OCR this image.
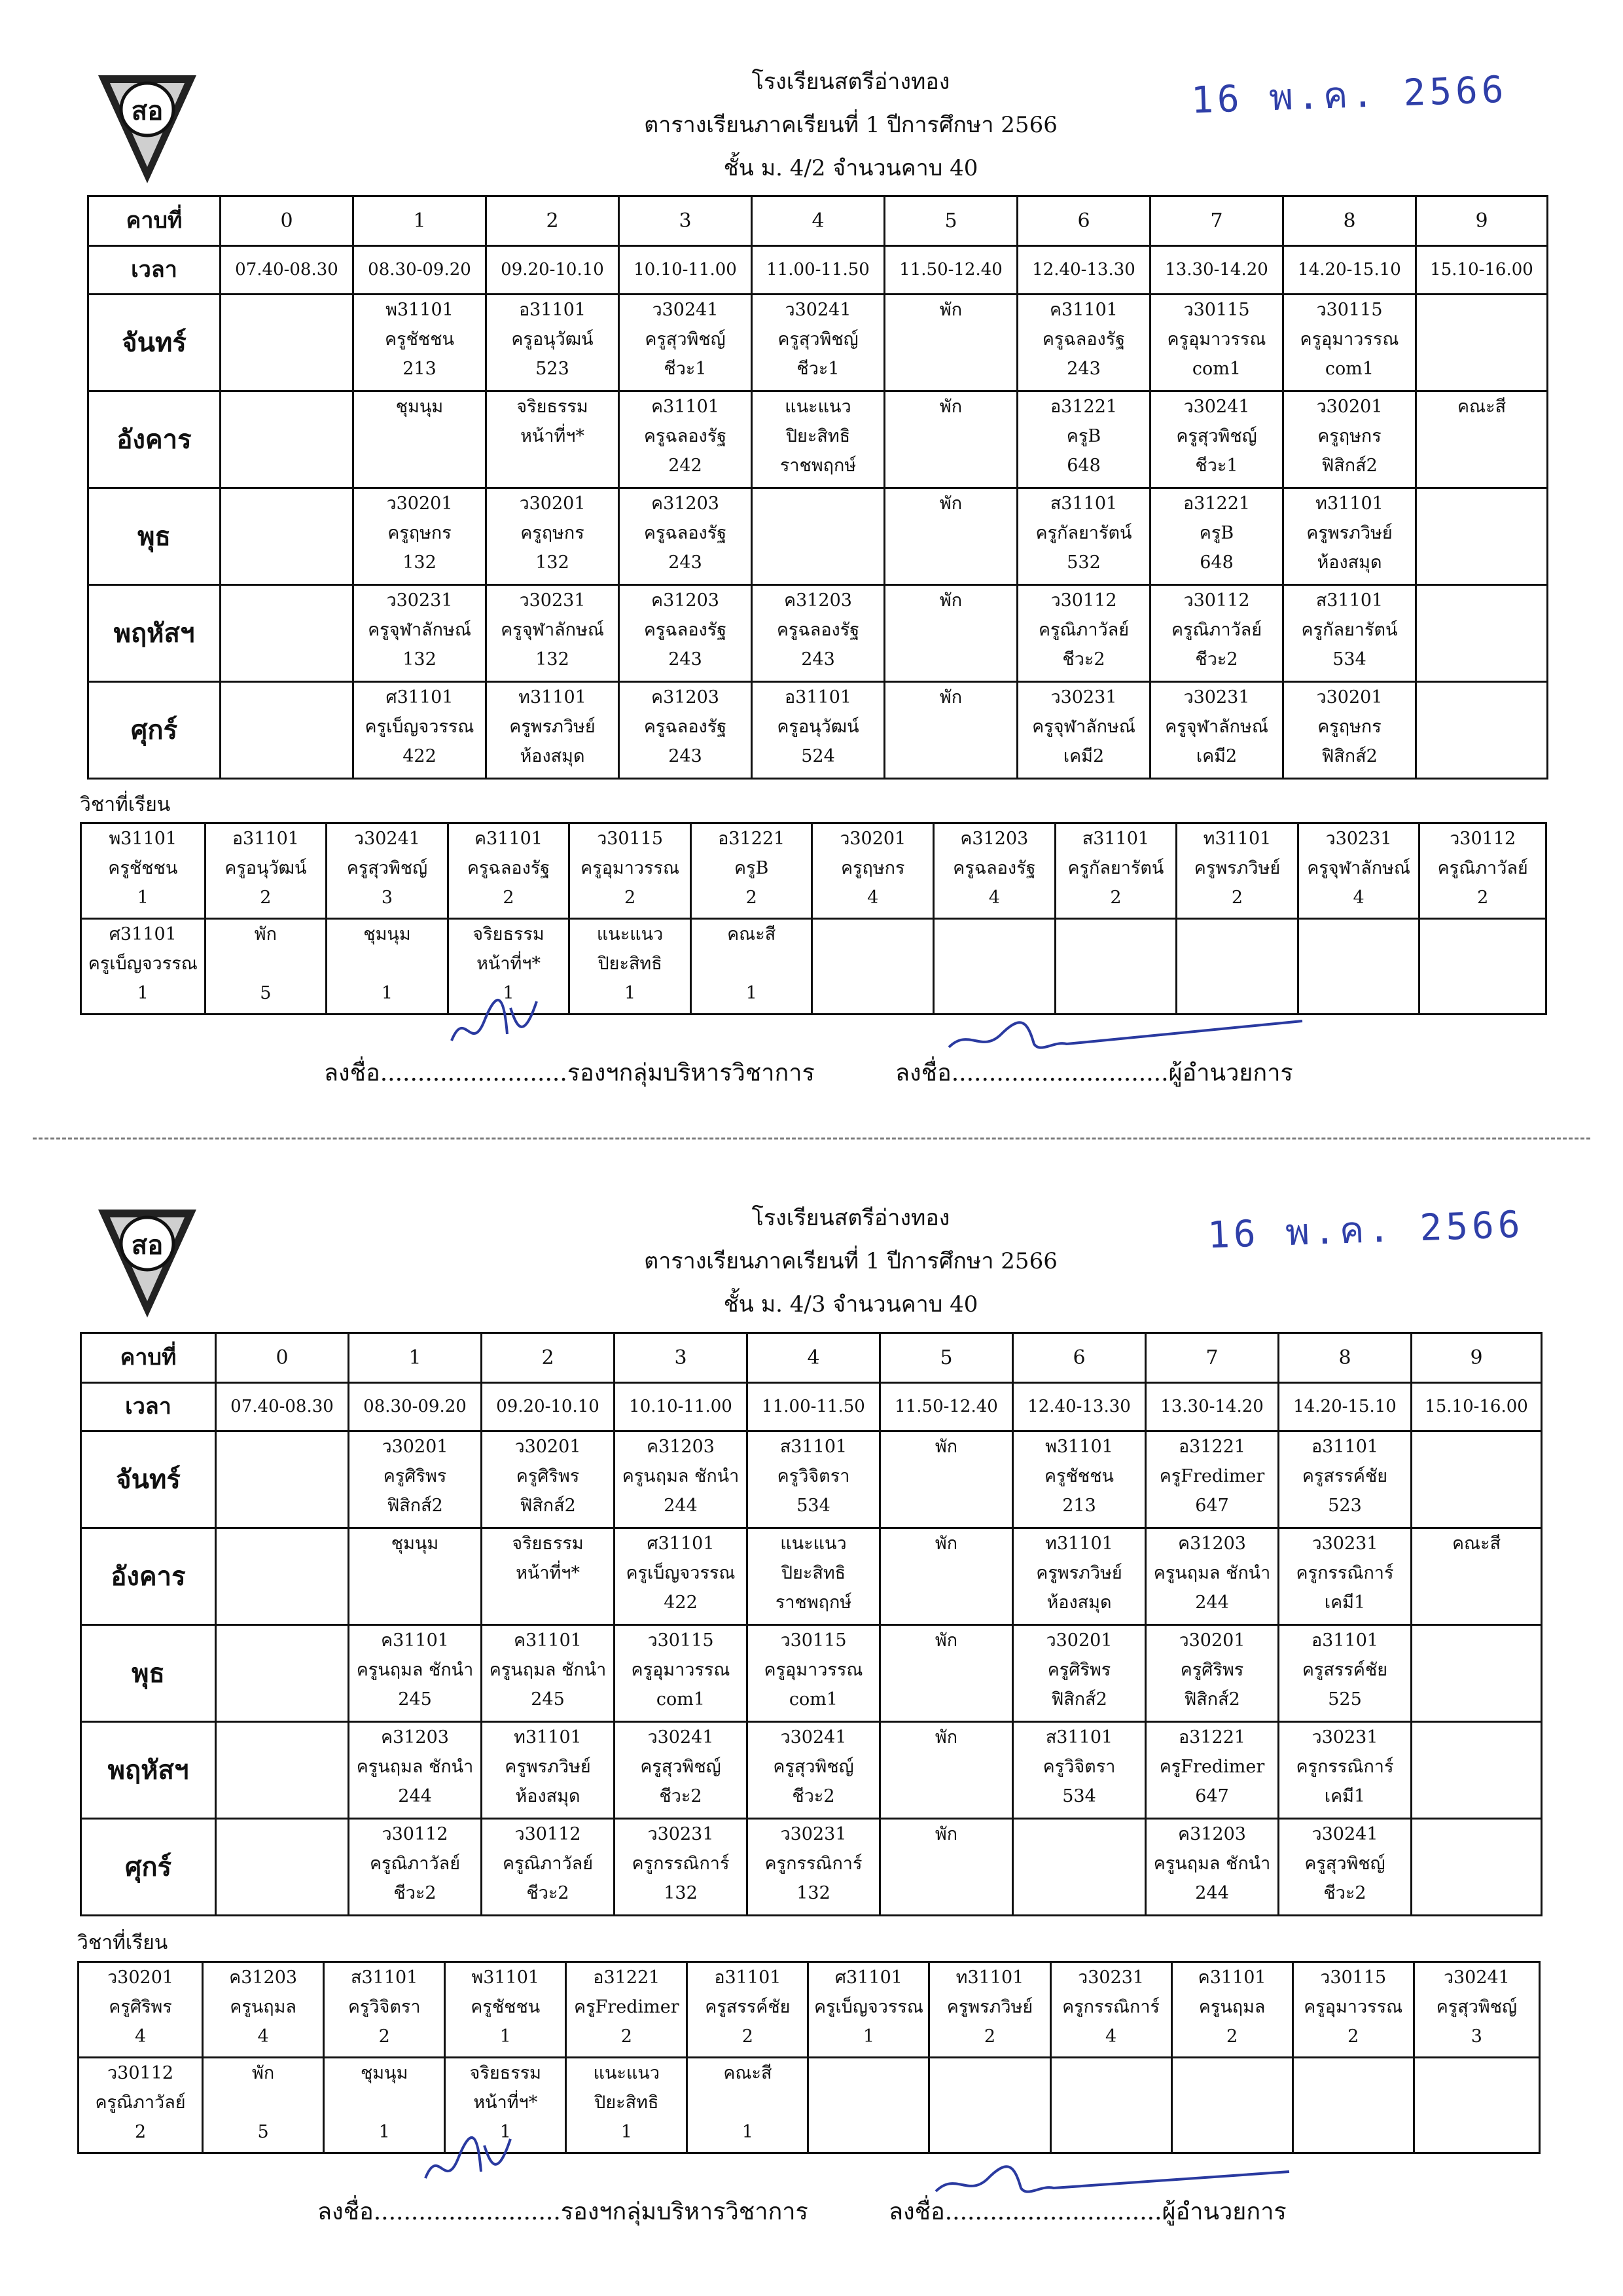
สอ
โรงเรียนสตรีอ่างทอง
ตารางเรียนภาคเรียนที่ 1 ปีการศึกษา 2566
ชั้น ม. 4/2 จำนวนคาบ 40
16 พ.ค. 2566
คาบที่	0	1	2	3	4	5	6	7	8	9
เวลา	07.40-08.30	08.30-09.20	09.20-10.10	10.10-11.00	11.00-11.50	11.50-12.40	12.40-13.30	13.30-14.20	14.20-15.10	15.10-16.00
จันทร์		พ31101
ครูชัชชน
213	อ31101
ครูอนุวัฒน์
523	ว30241
ครูสุวพิชญ์
ชีวะ1	ว30241
ครูสุวพิชญ์
ชีวะ1	พัก	ค31101
ครูฉลองรัฐ
243	ว30115
ครูอุมาวรรณ
com1	ว30115
ครูอุมาวรรณ
com1	

อังคาร		ชุมนุม	จริยธรรม
หน้าที่ฯ*	ค31101
ครูฉลองรัฐ
242	แนะแนว
ปิยะสิทธิ
ราชพฤกษ์	พัก	อ31221
ครูB
648	ว30241
ครูสุวพิชญ์
ชีวะ1	ว30201
ครูฤษกร
ฟิสิกส์2	คณะสี

พุธ		ว30201
ครูฤษกร
132	ว30201
ครูฤษกร
132	ค31203
ครูฉลองรัฐ
243		พัก	ส31101
ครูกัลยารัตน์
532	อ31221
ครูB
648	ท31101
ครูพรภวิษย์
ห้องสมุด	

พฤหัสฯ		ว30231
ครูจุฬาลักษณ์
132	ว30231
ครูจุฬาลักษณ์
132	ค31203
ครูฉลองรัฐ
243	ค31203
ครูฉลองรัฐ
243	พัก	ว30112
ครูณิภาวัลย์
ชีวะ2	ว30112
ครูณิภาวัลย์
ชีวะ2	ส31101
ครูกัลยารัตน์
534	

ศุกร์		ศ31101
ครูเบ็ญจวรรณ
422	ท31101
ครูพรภวิษย์
ห้องสมุด	ค31203
ครูฉลองรัฐ
243	อ31101
ครูอนุวัฒน์
524	พัก	ว30231
ครูจุฬาลักษณ์
เคมี2	ว30231
ครูจุฬาลักษณ์
เคมี2	ว30201
ครูฤษกร
ฟิสิกส์2	

วิชาที่เรียน
พ31101
ครูชัชชน
1	อ31101
ครูอนุวัฒน์
2	ว30241
ครูสุวพิชญ์
3	ค31101
ครูฉลองรัฐ
2	ว30115
ครูอุมาวรรณ
2	อ31221
ครูB
2	ว30201
ครูฤษกร
4	ค31203
ครูฉลองรัฐ
4	ส31101
ครูกัลยารัตน์
2	ท31101
ครูพรภวิษย์
2	ว30231
ครูจุฬาลักษณ์
4	ว30112
ครูณิภาวัลย์
2

ศ31101
ครูเบ็ญจวรรณ
1	พัก
5	ชุมนุม
1	จริยธรรม
หน้าที่ฯ*
1	แนะแนว
ปิยะสิทธิ
1	คณะสี
1						

ลงชื่อ.........................รองฯกลุ่มบริหารวิชาการ	ลงชื่อ.............................ผู้อำนวยการ
สอ
โรงเรียนสตรีอ่างทอง
ตารางเรียนภาคเรียนที่ 1 ปีการศึกษา 2566
ชั้น ม. 4/3 จำนวนคาบ 40
16 พ.ค. 2566
คาบที่	0	1	2	3	4	5	6	7	8	9
เวลา	07.40-08.30	08.30-09.20	09.20-10.10	10.10-11.00	11.00-11.50	11.50-12.40	12.40-13.30	13.30-14.20	14.20-15.10	15.10-16.00
จันทร์		ว30201
ครูศิริพร
ฟิสิกส์2	ว30201
ครูศิริพร
ฟิสิกส์2	ค31203
ครูนฤมล ชักนำ
244	ส31101
ครูวิจิตรา
534	พัก	พ31101
ครูชัชชน
213	อ31221
ครูFredimer
647	อ31101
ครูสรรค์ชัย
523	

อังคาร		ชุมนุม	จริยธรรม
หน้าที่ฯ*	ศ31101
ครูเบ็ญจวรรณ
422	แนะแนว
ปิยะสิทธิ
ราชพฤกษ์	พัก	ท31101
ครูพรภวิษย์
ห้องสมุด	ค31203
ครูนฤมล ชักนำ
244	ว30231
ครูกรรณิการ์
เคมี1	คณะสี

พุธ		ค31101
ครูนฤมล ชักนำ
245	ค31101
ครูนฤมล ชักนำ
245	ว30115
ครูอุมาวรรณ
com1	ว30115
ครูอุมาวรรณ
com1	พัก	ว30201
ครูศิริพร
ฟิสิกส์2	ว30201
ครูศิริพร
ฟิสิกส์2	อ31101
ครูสรรค์ชัย
525	

พฤหัสฯ		ค31203
ครูนฤมล ชักนำ
244	ท31101
ครูพรภวิษย์
ห้องสมุด	ว30241
ครูสุวพิชญ์
ชีวะ2	ว30241
ครูสุวพิชญ์
ชีวะ2	พัก	ส31101
ครูวิจิตรา
534	อ31221
ครูFredimer
647	ว30231
ครูกรรณิการ์
เคมี1	

ศุกร์		ว30112
ครูณิภาวัลย์
ชีวะ2	ว30112
ครูณิภาวัลย์
ชีวะ2	ว30231
ครูกรรณิการ์
132	ว30231
ครูกรรณิการ์
132	พัก		ค31203
ครูนฤมล ชักนำ
244	ว30241
ครูสุวพิชญ์
ชีวะ2	

วิชาที่เรียน
ว30201
ครูศิริพร
4	ค31203
ครูนฤมล
4	ส31101
ครูวิจิตรา
2	พ31101
ครูชัชชน
1	อ31221
ครูFredimer
2	อ31101
ครูสรรค์ชัย
2	ศ31101
ครูเบ็ญจวรรณ
1	ท31101
ครูพรภวิษย์
2	ว30231
ครูกรรณิการ์
4	ค31101
ครูนฤมล
2	ว30115
ครูอุมาวรรณ
2	ว30241
ครูสุวพิชญ์
3

ว30112
ครูณิภาวัลย์
2	พัก
5	ชุมนุม
1	จริยธรรม
หน้าที่ฯ*
1	แนะแนว
ปิยะสิทธิ
1	คณะสี
1						

ลงชื่อ.........................รองฯกลุ่มบริหารวิชาการ	ลงชื่อ.............................ผู้อำนวยการ
